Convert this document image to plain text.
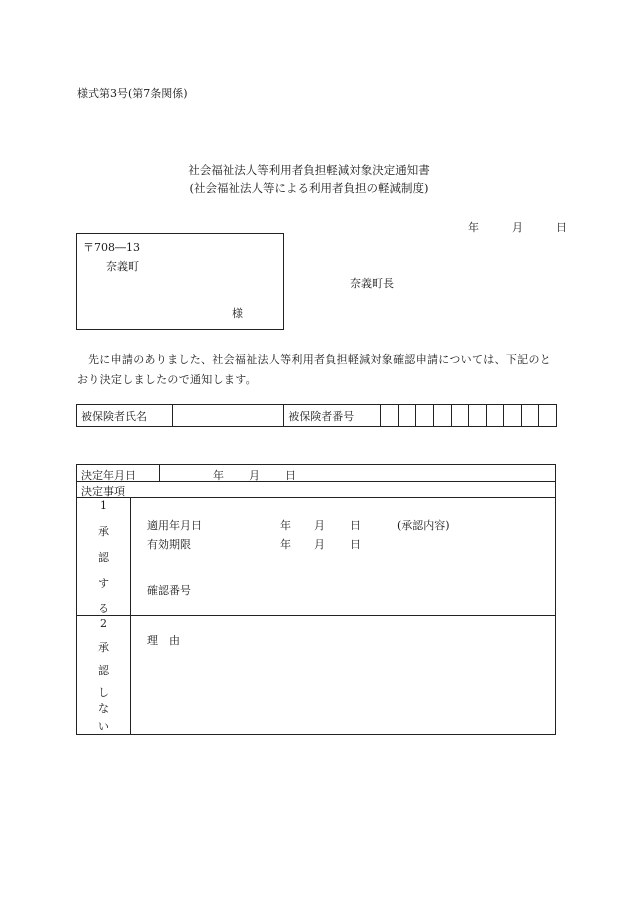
様式第3号(第7条関係)
社会福祉法人等利用者負担軽減対象決定通知書
(社会福祉法人等による利用者負担の軽減制度)
年	月	日
〒708―13
奈義町
様
奈義町長

先に申請のありました、社会福祉法人等利用者負担軽減対象確認申請については、下記のとおり決定しましたので通知します。

被保険者氏名		被保険者番号										
決定年月日	年 月 日
決定事項
1
承
認
す
る
適用年月日	年 月 日	(承認内容)
有効期限	年 月 日
確認番号
2
承
認
し
な
い
理　由
